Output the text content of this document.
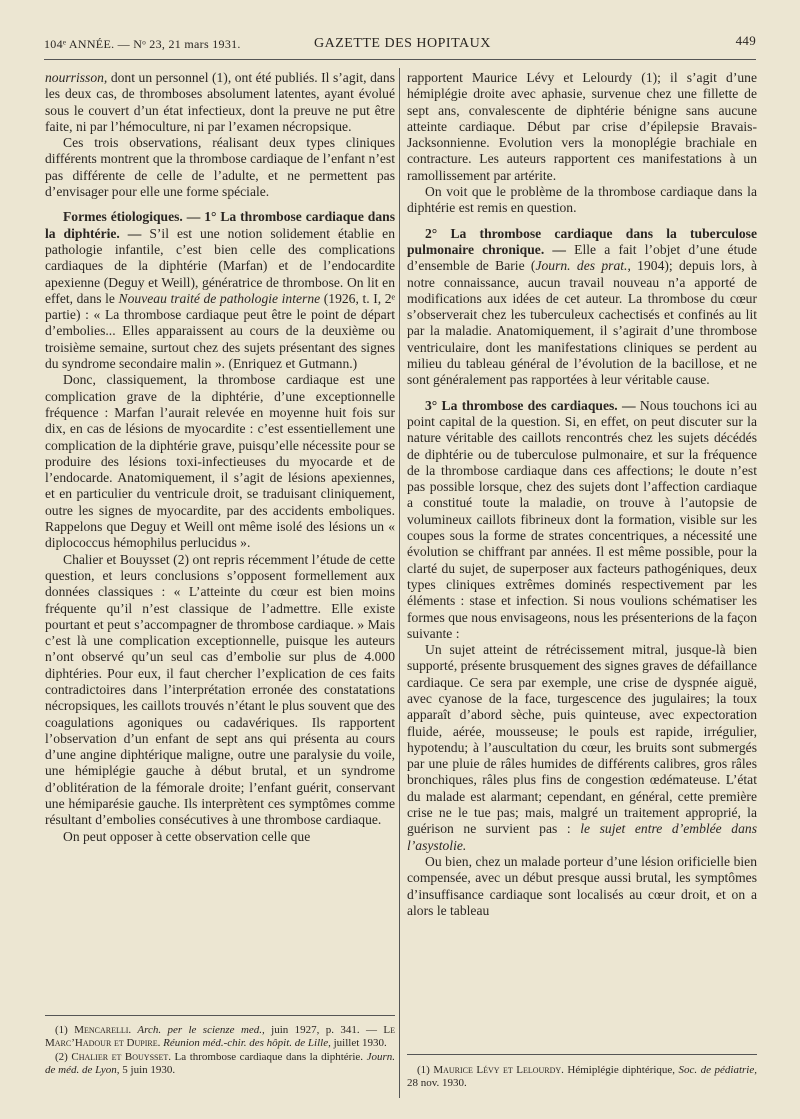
104ᵉ ANNÉE. — Nᵒ 23, 21 mars 1931.	GAZETTE DES HOPITAUX	449

nourrisson, dont un personnel (1), ont été publiés. Il s’agit, dans les deux cas, de thromboses absolument latentes, ayant évolué sous le couvert d’un état infectieux, dont la preuve ne put être faite, ni par l’hémoculture, ni par l’examen nécropsique.

Ces trois observations, réalisant deux types cliniques différents montrent que la thrombose cardiaque de l’enfant n’est pas différente de celle de l’adulte, et ne permettent pas d’envisager pour elle une forme spéciale.

Formes étiologiques. — 1° La thrombose cardiaque dans la diphtérie. — S’il est une notion solidement établie en pathologie infantile, c’est bien celle des complications cardiaques de la diphtérie (Marfan) et de l’endocardite apexienne (Deguy et Weill), génératrice de thrombose. On lit en effet, dans le Nouveau traité de pathologie interne (1926, t. I, 2ᵉ partie) : « La thrombose cardiaque peut être le point de départ d’embolies... Elles apparaissent au cours de la deuxième ou troisième semaine, surtout chez des sujets présentant des signes du syndrome secondaire malin ». (Enriquez et Gutmann.)

Donc, classiquement, la thrombose cardiaque est une complication grave de la diphtérie, d’une exceptionnelle fréquence : Marfan l’aurait relevée en moyenne huit fois sur dix, en cas de lésions de myocardite : c’est essentiellement une complication de la diphtérie grave, puisqu’elle nécessite pour se produire des lésions toxi-infectieuses du myocarde et de l’endocarde. Anatomiquement, il s’agit de lésions apexiennes, et en particulier du ventricule droit, se traduisant cliniquement, outre les signes de myocardite, par des accidents emboliques. Rappelons que Deguy et Weill ont même isolé des lésions un « diplococcus hémophilus perlucidus ».

Chalier et Bouysset (2) ont repris récemment l’étude de cette question, et leurs conclusions s’opposent formellement aux données classiques : « L’atteinte du cœur est bien moins fréquente qu’il n’est classique de l’admettre. Elle existe pourtant et peut s’accompagner de thrombose cardiaque. » Mais c’est là une complication exceptionnelle, puisque les auteurs n’ont observé qu’un seul cas d’embolie sur plus de 4.000 diphtéries. Pour eux, il faut chercher l’explication de ces faits contradictoires dans l’interprétation erronée des constatations nécropsiques, les caillots trouvés n’étant le plus souvent que des coagulations agoniques ou cadavériques. Ils rapportent l’observation d’un enfant de sept ans qui présenta au cours d’une angine diphtérique maligne, outre une paralysie du voile, une hémiplégie gauche à début brutal, et un syndrome d’oblitération de la fémorale droite; l’enfant guérit, conservant une hémiparésie gauche. Ils interprètent ces symptômes comme résultant d’embolies consécutives à une thrombose cardiaque.

On peut opposer à cette observation celle que

rapportent Maurice Lévy et Lelourdy (1); il s’agit d’une hémiplégie droite avec aphasie, survenue chez une fillette de sept ans, convalescente de diphtérie bénigne sans aucune atteinte cardiaque. Début par crise d’épilepsie Bravais-Jacksonnienne. Evolution vers la monoplégie brachiale en contracture. Les auteurs rapportent ces manifestations à un ramollissement par artérite.

On voit que le problème de la thrombose cardiaque dans la diphtérie est remis en question.

2° La thrombose cardiaque dans la tuberculose pulmonaire chronique. — Elle a fait l’objet d’une étude d’ensemble de Barie (Journ. des prat., 1904); depuis lors, à notre connaissance, aucun travail nouveau n’a apporté de modifications aux idées de cet auteur. La thrombose du cœur s’observerait chez les tuberculeux cachectisés et confinés au lit par la maladie. Anatomiquement, il s’agirait d’une thrombose ventriculaire, dont les manifestations cliniques se perdent au milieu du tableau général de l’évolution de la bacillose, et ne sont généralement pas rapportées à leur véritable cause.

3° La thrombose des cardiaques. — Nous touchons ici au point capital de la question. Si, en effet, on peut discuter sur la nature véritable des caillots rencontrés chez les sujets décédés de diphtérie ou de tuberculose pulmonaire, et sur la fréquence de la thrombose cardiaque dans ces affections; le doute n’est pas possible lorsque, chez des sujets dont l’affection cardiaque a constitué toute la maladie, on trouve à l’autopsie de volumineux caillots fibrineux dont la formation, visible sur les coupes sous la forme de strates concentriques, a nécessité une évolution se chiffrant par années. Il est même possible, pour la clarté du sujet, de superposer aux facteurs pathogéniques, deux types cliniques extrêmes dominés respectivement par les éléments : stase et infection. Si nous voulions schématiser les formes que nous envisageons, nous les présenterions de la façon suivante :

Un sujet atteint de rétrécissement mitral, jusque-là bien supporté, présente brusquement des signes graves de défaillance cardiaque. Ce sera par exemple, une crise de dyspnée aiguë, avec cyanose de la face, turgescence des jugulaires; la toux apparaît d’abord sèche, puis quinteuse, avec expectoration fluide, aérée, mousseuse; le pouls est rapide, irrégulier, hypotendu; à l’auscultation du cœur, les bruits sont submergés par une pluie de râles humides de différents calibres, gros râles bronchiques, râles plus fins de congestion œdémateuse. L’état du malade est alarmant; cependant, en général, cette première crise ne le tue pas; mais, malgré un traitement approprié, la guérison ne survient pas : le sujet entre d’emblée dans l’asystolie.

Ou bien, chez un malade porteur d’une lésion orificielle bien compensée, avec un début presque aussi brutal, les symptômes d’insuffisance cardiaque sont localisés au cœur droit, et on a alors le tableau

(1) Mencarelli. Arch. per le scienze med., juin 1927, p. 341. — Le Marc’Hadour et Dupire. Réunion méd.-chir. des hôpit. de Lille, juillet 1930.

(2) Chalier et Bouysset. La thrombose cardiaque dans la diphtérie. Journ. de méd. de Lyon, 5 juin 1930.	(1) Maurice Lévy et Lelourdy. Hémiplégie diphtérique, Soc. de pédiatrie, 28 nov. 1930.
